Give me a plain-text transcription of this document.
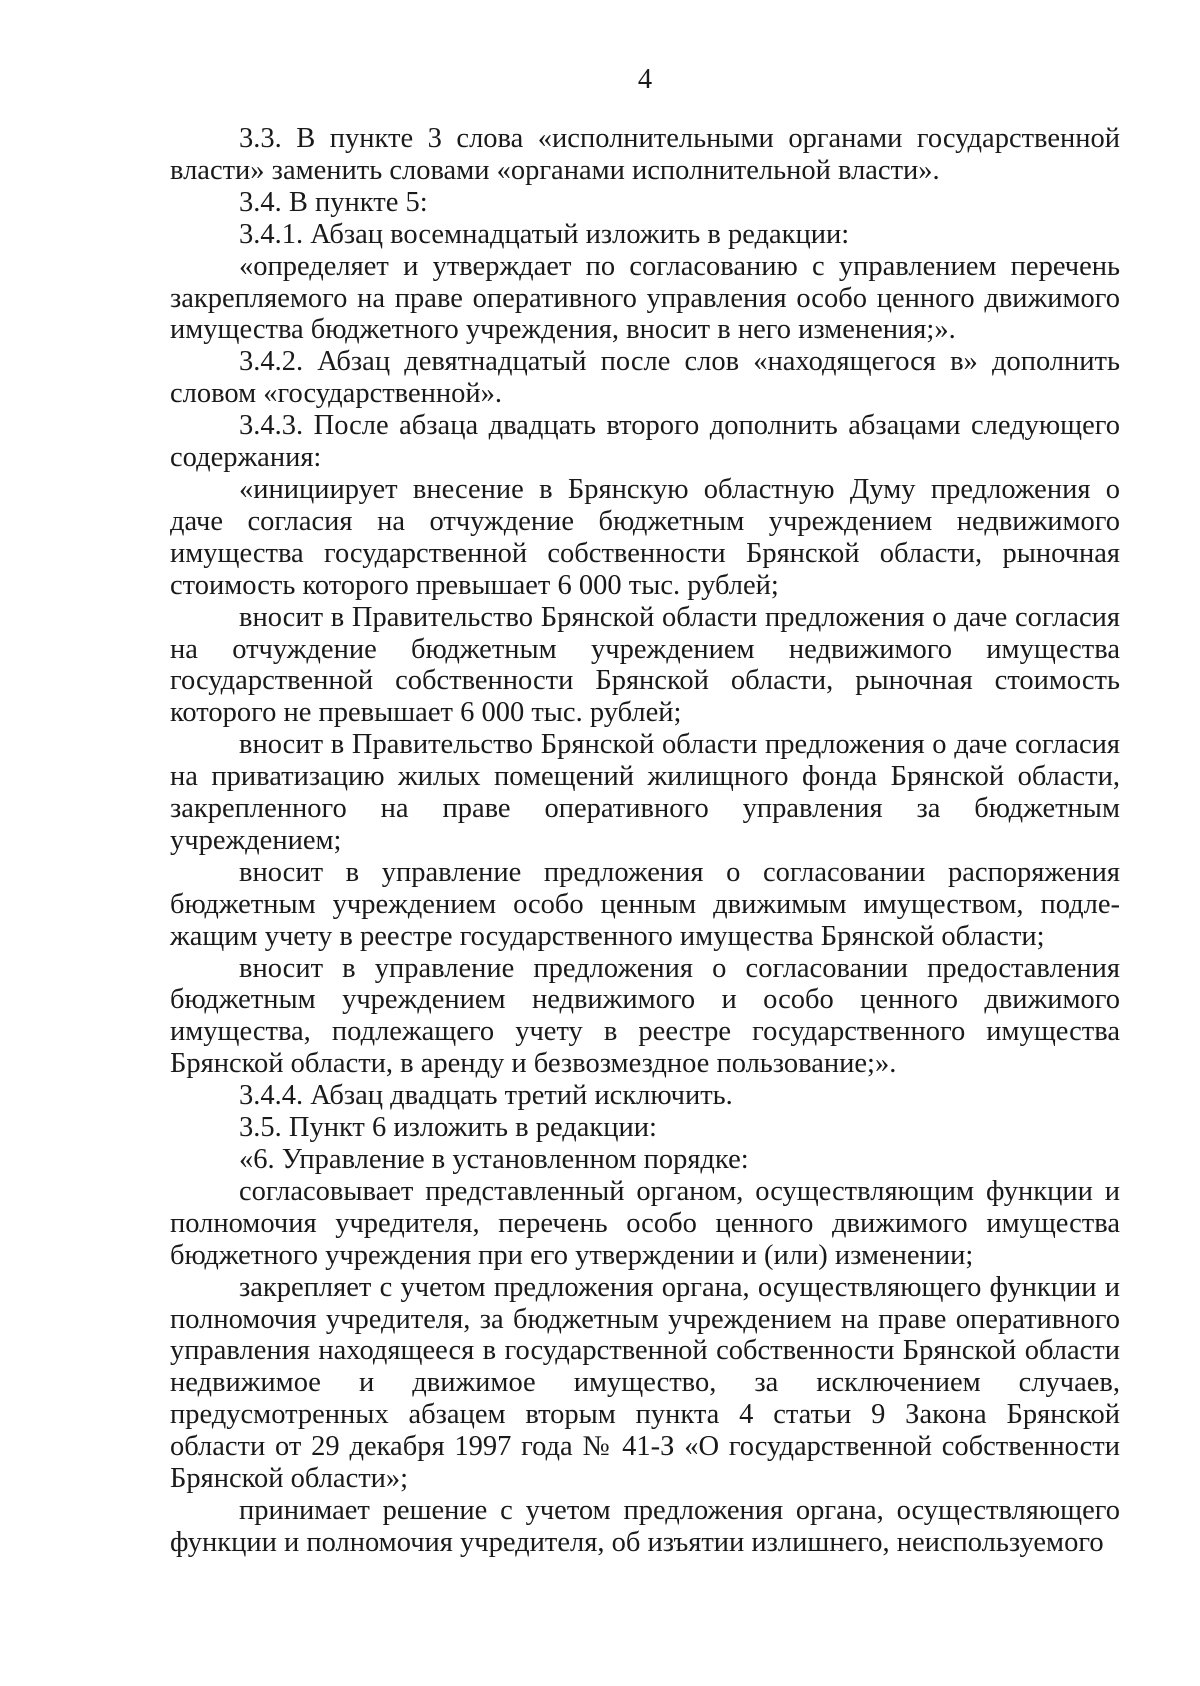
4

3.3. В пункте 3 слова «исполнительными органами государственной власти» заменить словами «органами исполнительной власти».

3.4. В пункте 5:

3.4.1. Абзац восемнадцатый изложить в редакции:

«определяет и утверждает по согласованию с управлением перечень закрепляемого на праве оперативного управления особо ценного движимого имущества бюджетного учреждения, вносит в него изменения;».

3.4.2. Абзац девятнадцатый после слов «находящегося в» дополнить словом «государственной».

3.4.3. После абзаца двадцать второго дополнить абзацами следующего содержания:

«инициирует внесение в Брянскую областную Думу предложения о даче согласия на отчуждение бюджетным учреждением недвижимого имущества государственной собственности Брянской области, рыночная стоимость которого превышает 6 000 тыс. рублей;

вносит в Правительство Брянской области предложения о даче согласия на отчуждение бюджетным учреждением недвижимого имущества государственной собственности Брянской области, рыночная стоимость которого не превышает 6 000 тыс. рублей;

вносит в Правительство Брянской области предложения о даче согласия на приватизацию жилых помещений жилищного фонда Брянской области, закрепленного на праве оперативного управления за бюджетным учреждением;

вносит в управление предложения о согласовании распоряжения бюджетным учреждением особо ценным движимым имуществом, подлежащим учету в реестре государственного имущества Брянской области;

вносит в управление предложения о согласовании предоставления бюджетным учреждением недвижимого и особо ценного движимого имущества, подлежащего учету в реестре государственного имущества Брянской области, в аренду и безвозмездное пользование;».

3.4.4. Абзац двадцать третий исключить.

3.5. Пункт 6 изложить в редакции:

«6. Управление в установленном порядке:

согласовывает представленный органом, осуществляющим функции и полномочия учредителя, перечень особо ценного движимого имущества бюджетного учреждения при его утверждении и (или) изменении;

закрепляет с учетом предложения органа, осуществляющего функции и полномочия учредителя, за бюджетным учреждением на праве оперативного управления находящееся в государственной собственности Брянской области недвижимое и движимое имущество, за исключением случаев, предусмотренных абзацем вторым пункта 4 статьи 9 Закона Брянской области от 29 декабря 1997 года № 41-З «О государственной собственности Брянской области»;

принимает решение с учетом предложения органа, осуществляющего функции и полномочия учредителя, об изъятии излишнего, неиспользуемого
